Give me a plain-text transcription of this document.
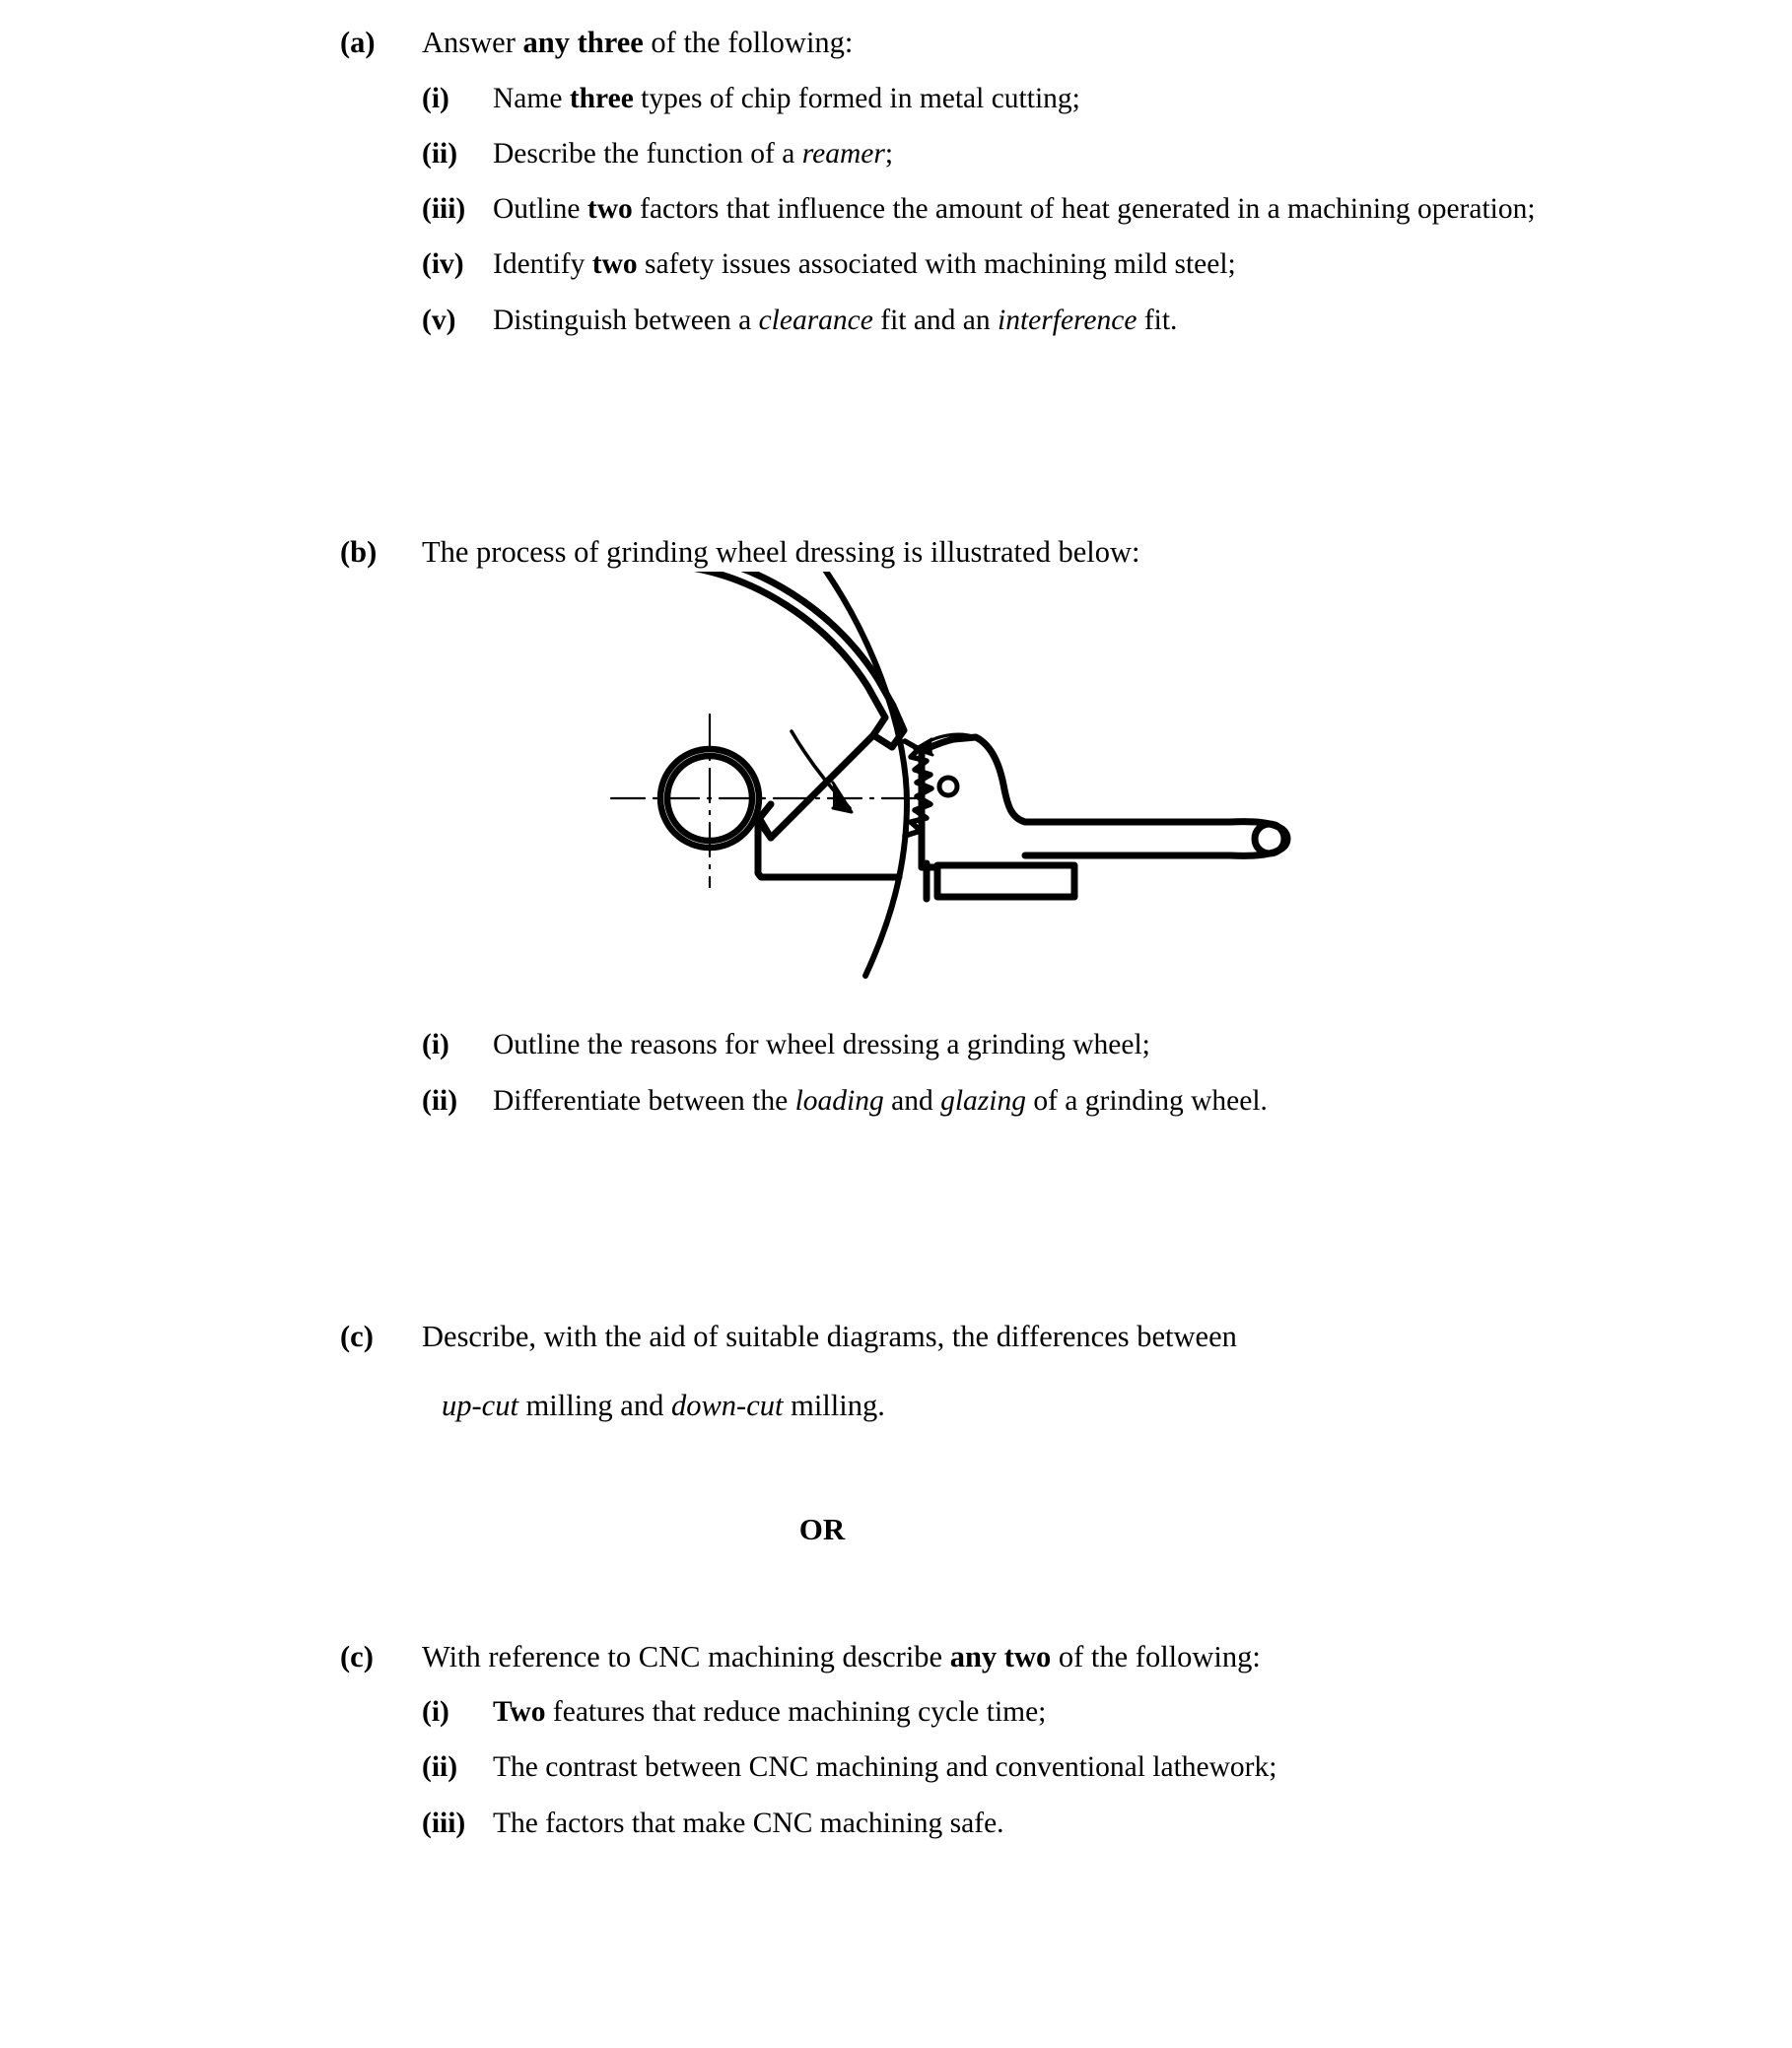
(a)	Answer any three of the following:
(i)	Name three types of chip formed in metal cutting;
(ii)	Describe the function of a reamer;
(iii) Outline two factors that influence the amount of heat generated in a machining operation;
(iv) Identify two safety issues associated with machining mild steel;
(v)	Distinguish between a clearance fit and an interference fit.
(b)	The process of grinding wheel dressing is illustrated below:
(i)	Outline the reasons for wheel dressing a grinding wheel;
(ii)	Differentiate between the loading and glazing of a grinding wheel.
(c)	Describe, with the aid of suitable diagrams, the differences between
up-cut milling and down-cut milling.
OR
(c)	With reference to CNC machining describe any two of the following:
(i)	Two features that reduce machining cycle time;
(ii)	The contrast between CNC machining and conventional lathework;
(iii) The factors that make CNC machining safe.
